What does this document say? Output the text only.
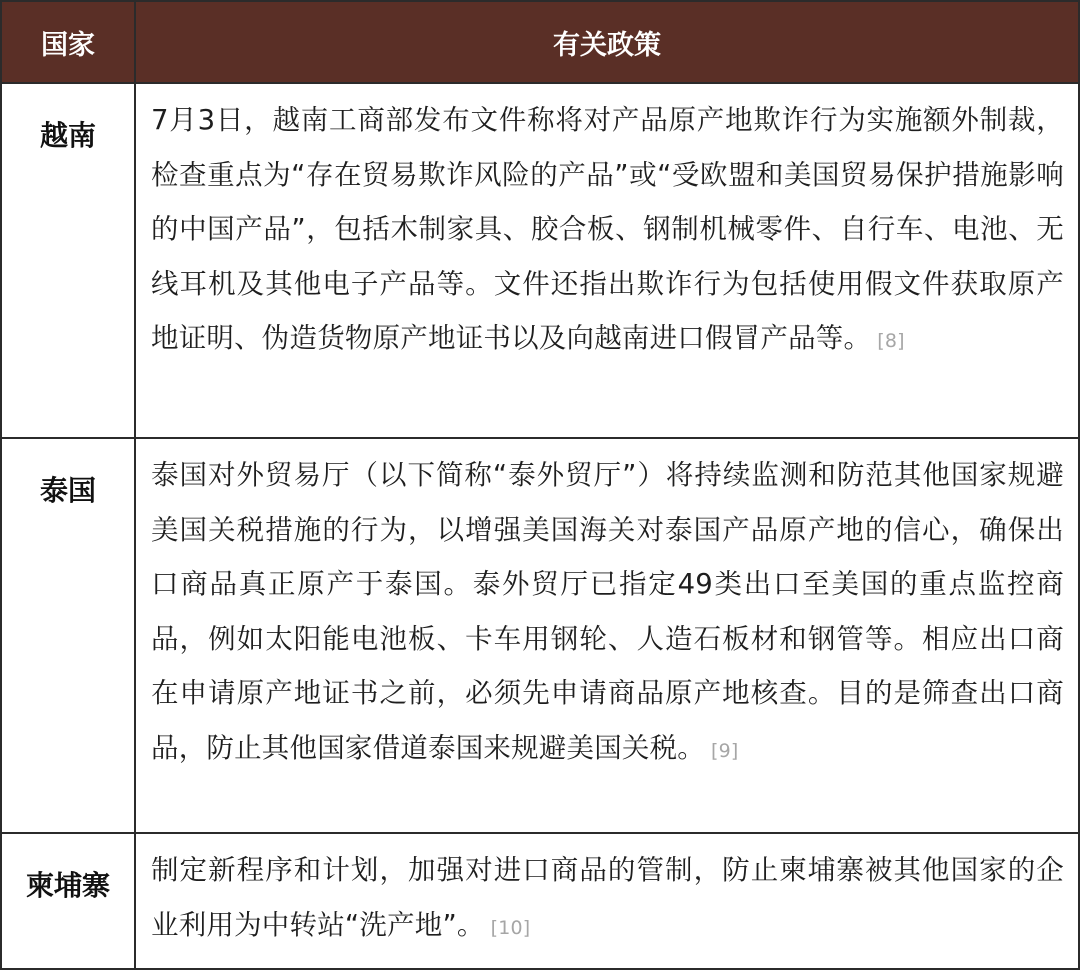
国家	有关政策
越南	7月3日，越南工商部发布文件称将对产品原产地欺诈行为实施额外制裁，检查重点为“存在贸易欺诈风险的产品”或“受欧盟和美国贸易保护措施影响的中国产品”，包括木制家具、胶合板、钢制机械零件、自行车、电池、无线耳机及其他电子产品等。文件还指出欺诈行为包括使用假文件获取原产地证明、伪造货物原产地证书以及向越南进口假冒产品等。 [8]
泰国	泰国对外贸易厅（以下简称“泰外贸厅”）将持续监测和防范其他国家规避美国关税措施的行为，以增强美国海关对泰国产品原产地的信心，确保出口商品真正原产于泰国。泰外贸厅已指定49类出口至美国的重点监控商品，例如太阳能电池板、卡车用钢轮、人造石板材和钢管等。相应出口商在申请原产地证书之前，必须先申请商品原产地核查。目的是筛查出口商品，防止其他国家借道泰国来规避美国关税。 [9]
柬埔寨	制定新程序和计划，加强对进口商品的管制，防止柬埔寨被其他国家的企业利用为中转站“洗产地”。 [10]
